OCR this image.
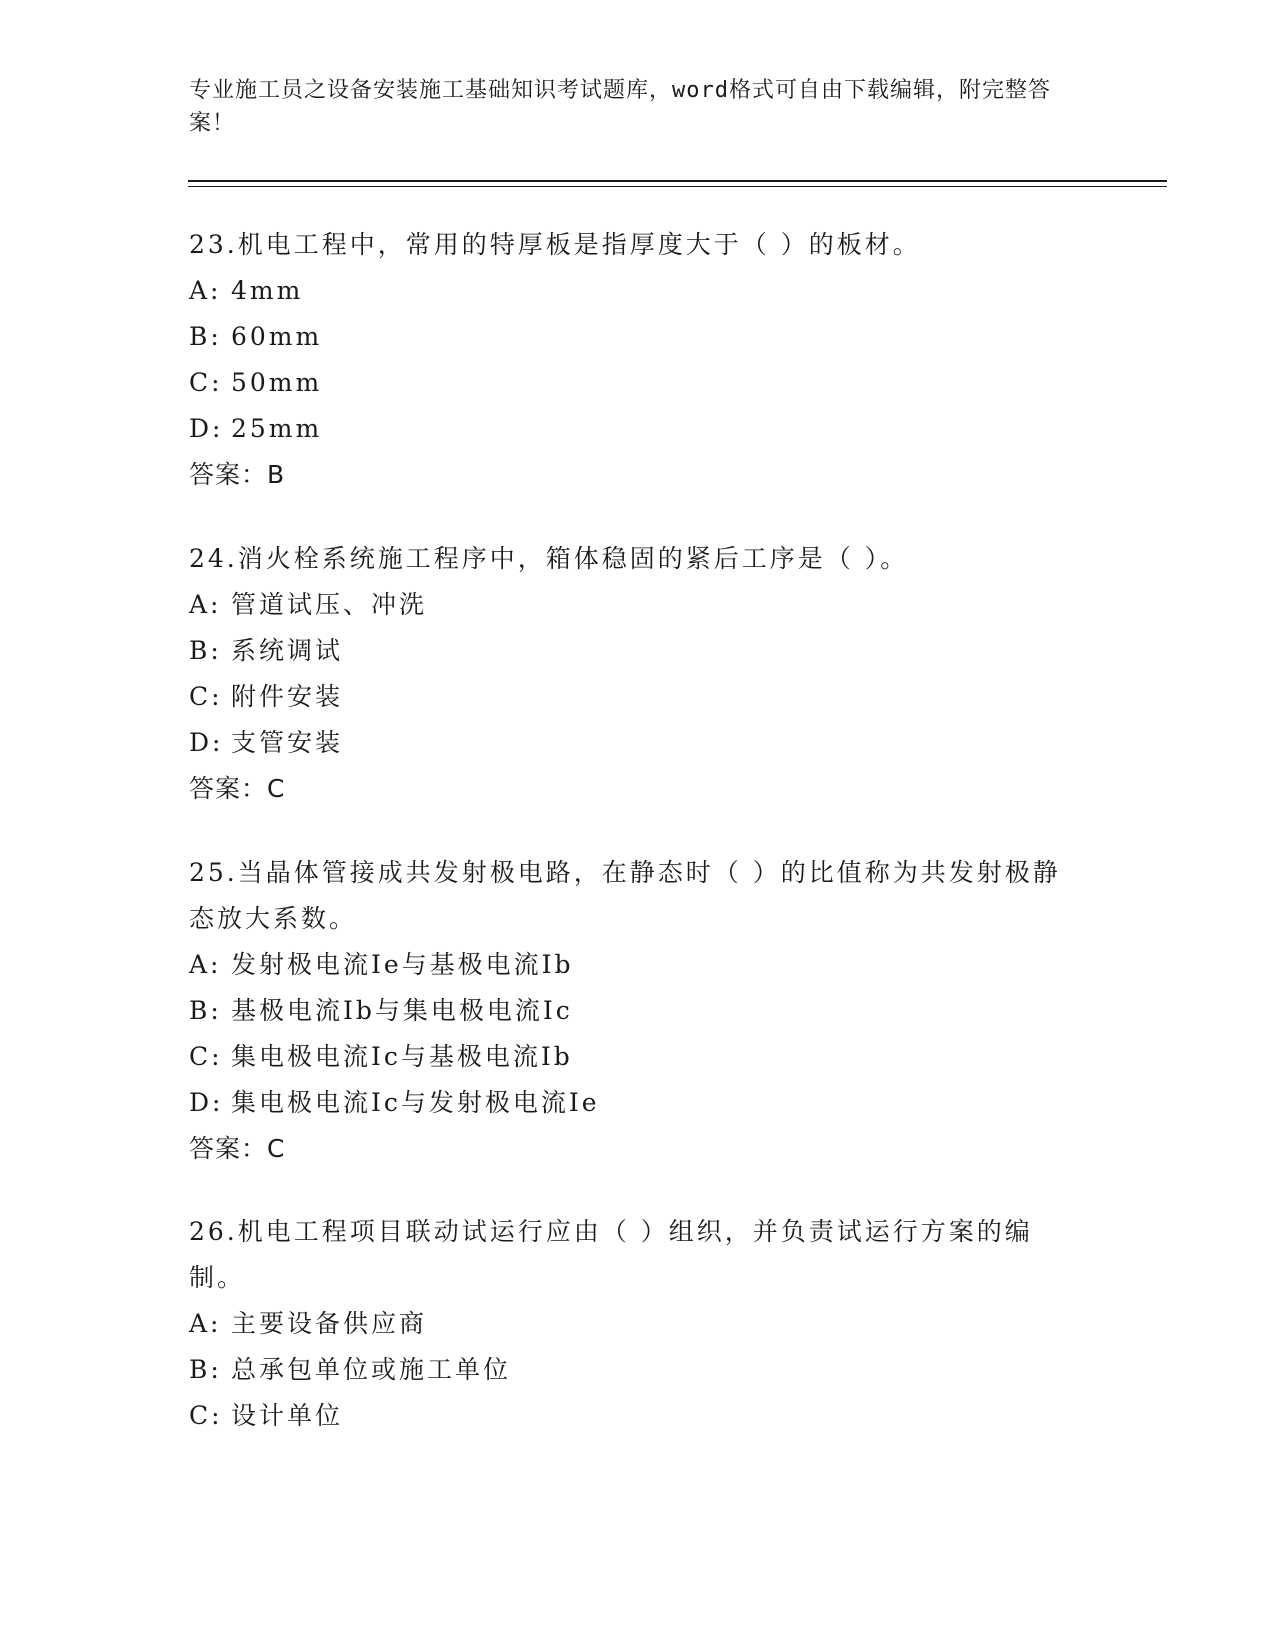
专业施工员之设备安装施工基础知识考试题库，word格式可自由下载编辑，附完整答案！

23.机电工程中，常用的特厚板是指厚度大于（ ）的板材。

A: 4mm

B: 60mm

C: 50mm

D: 25mm

答案：B

24.消火栓系统施工程序中，箱体稳固的紧后工序是（ ）。

A: 管道试压、冲洗

B: 系统调试

C: 附件安装

D: 支管安装

答案：C

25.当晶体管接成共发射极电路，在静态时（ ）的比值称为共发射极静态放大系数。

A: 发射极电流Ie与基极电流Ib

B: 基极电流Ib与集电极电流Ic

C: 集电极电流Ic与基极电流Ib

D: 集电极电流Ic与发射极电流Ie

答案：C

26.机电工程项目联动试运行应由（ ）组织，并负责试运行方案的编制。

A: 主要设备供应商

B: 总承包单位或施工单位

C: 设计单位
